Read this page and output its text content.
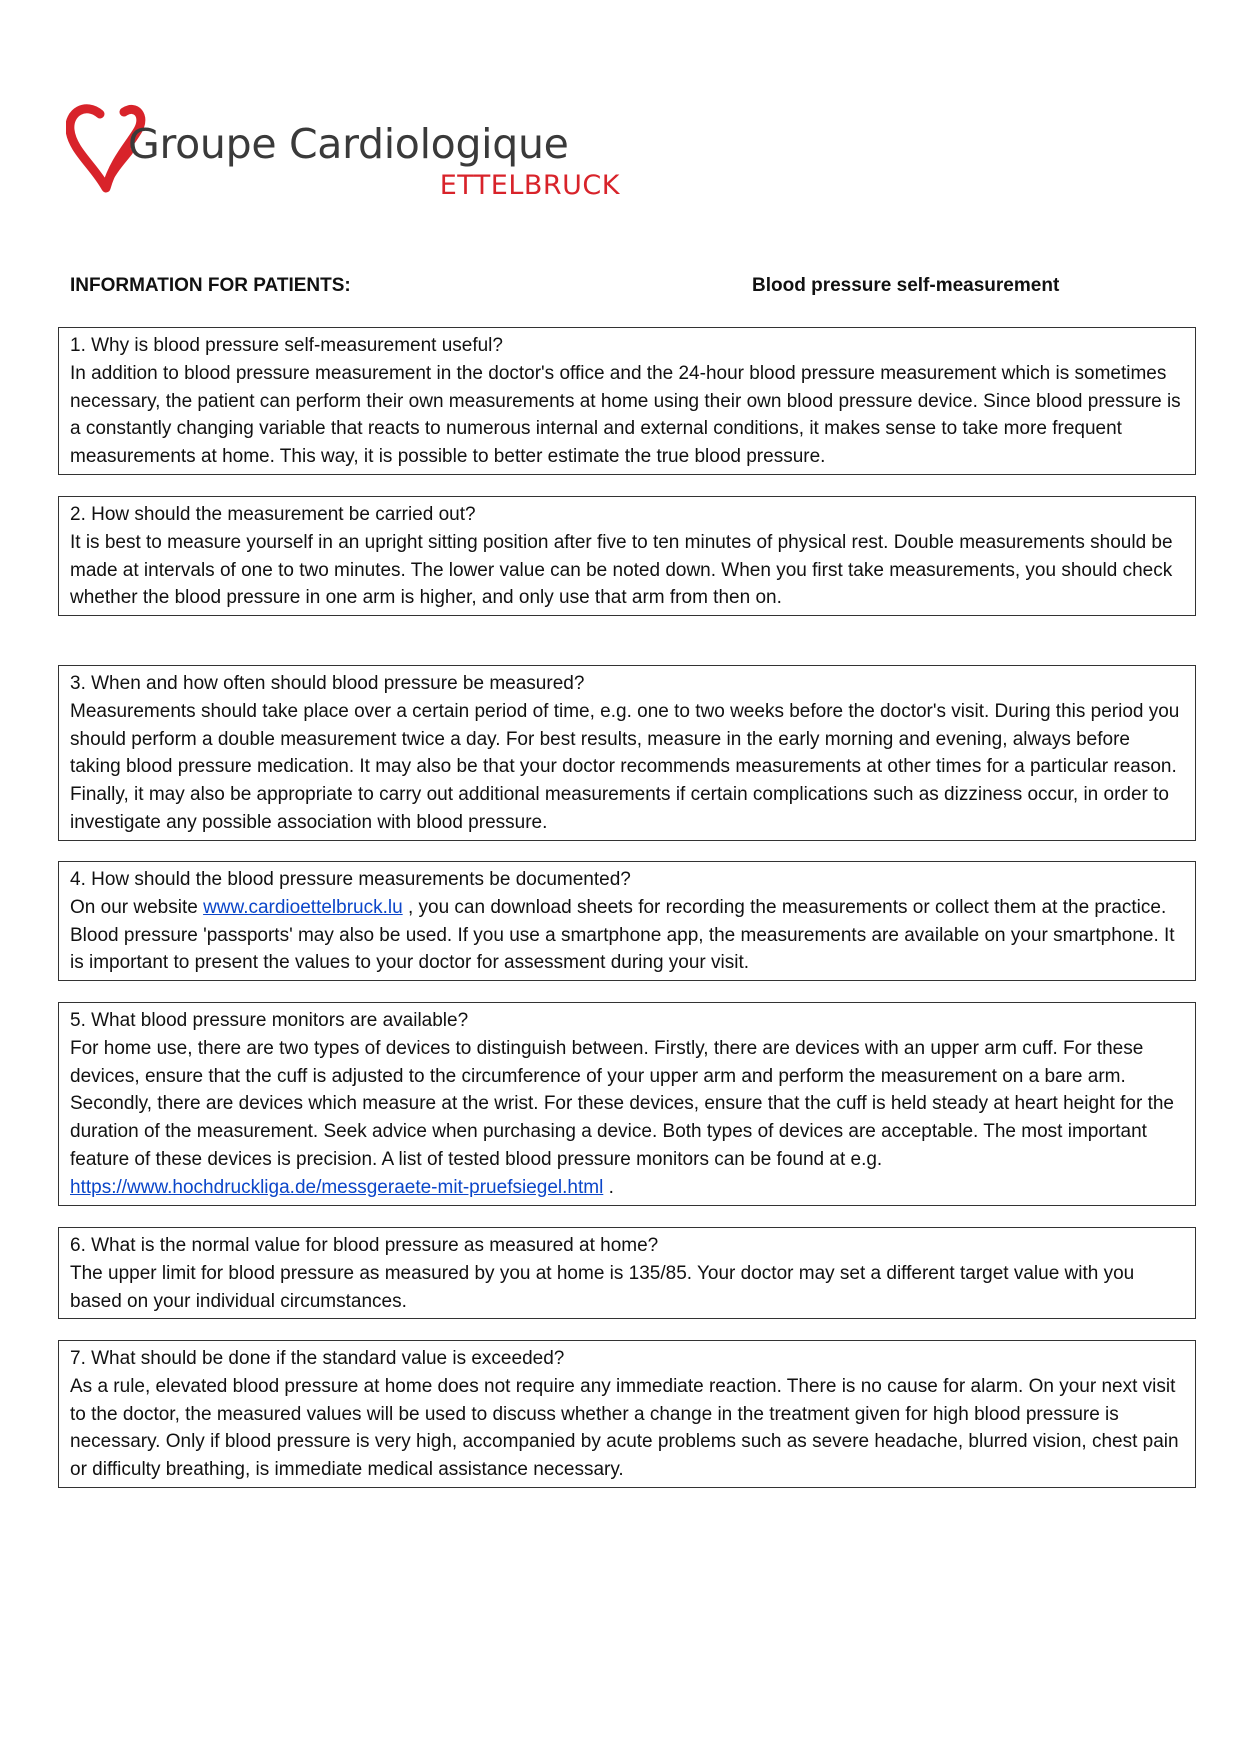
Groupe Cardiologique
ETTELBRUCK
INFORMATION FOR PATIENTS:	Blood pressure self-measurement

1. Why is blood pressure self-measurement useful?

In addition to blood pressure measurement in the doctor's office and the 24-hour blood pressure measurement which is sometimes necessary, the patient can perform their own measurements at home using their own blood pressure device. Since blood pressure is a constantly changing variable that reacts to numerous internal and external conditions, it makes sense to take more frequent measurements at home. This way, it is possible to better estimate the true blood pressure.

2. How should the measurement be carried out?

It is best to measure yourself in an upright sitting position after five to ten minutes of physical rest. Double measurements should be made at intervals of one to two minutes. The lower value can be noted down. When you first take measurements, you should check whether the blood pressure in one arm is higher, and only use that arm from then on.

3. When and how often should blood pressure be measured?

Measurements should take place over a certain period of time, e.g. one to two weeks before the doctor's visit. During this period you should perform a double measurement twice a day. For best results, measure in the early morning and evening, always before taking blood pressure medication. It may also be that your doctor recommends measurements at other times for a particular reason. Finally, it may also be appropriate to carry out additional measurements if certain complications such as dizziness occur, in order to investigate any possible association with blood pressure.

4. How should the blood pressure measurements be documented?

On our website www.cardioettelbruck.lu , you can download sheets for recording the measurements or collect them at the practice. Blood pressure 'passports' may also be used. If you use a smartphone app, the measurements are available on your smartphone. It is important to present the values to your doctor for assessment during your visit.

5. What blood pressure monitors are available?

For home use, there are two types of devices to distinguish between. Firstly, there are devices with an upper arm cuff. For these devices, ensure that the cuff is adjusted to the circumference of your upper arm and perform the measurement on a bare arm. Secondly, there are devices which measure at the wrist. For these devices, ensure that the cuff is held steady at heart height for the duration of the measurement. Seek advice when purchasing a device. Both types of devices are acceptable. The most important feature of these devices is precision. A list of tested blood pressure monitors can be found at e.g. https://www.hochdruckliga.de/messgeraete-mit-pruefsiegel.html .

6. What is the normal value for blood pressure as measured at home?

The upper limit for blood pressure as measured by you at home is 135/85. Your doctor may set a different target value with you based on your individual circumstances.

7. What should be done if the standard value is exceeded?

As a rule, elevated blood pressure at home does not require any immediate reaction. There is no cause for alarm. On your next visit to the doctor, the measured values will be used to discuss whether a change in the treatment given for high blood pressure is necessary. Only if blood pressure is very high, accompanied by acute problems such as severe headache, blurred vision, chest pain or difficulty breathing, is immediate medical assistance necessary.
